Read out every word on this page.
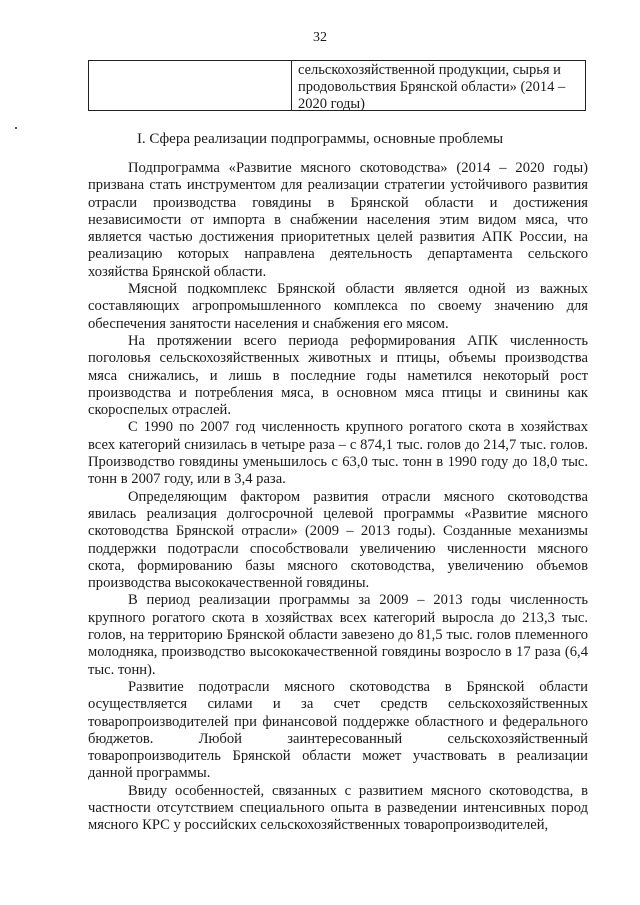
32
сельскохозяйственной продукции, сырья и продовольствия Брянской области» (2014 – 2020 годы)
I. Сфера реализации подпрограммы, основные проблемы

Подпрограмма «Развитие мясного скотоводства» (2014 – 2020 годы) призвана стать инструментом для реализации стратегии устойчивого развития отрасли производства говядины в Брянской области и достижения независимости от импорта в снабжении населения этим видом мяса, что является частью достижения приоритетных целей развития АПК России, на реализацию которых направлена деятельность департамента сельского хозяйства Брянской области.

Мясной подкомплекс Брянской области является одной из важных составляющих агропромышленного комплекса по своему значению для обеспечения занятости населения и снабжения его мясом.

На протяжении всего периода реформирования АПК численность поголовья сельскохозяйственных животных и птицы, объемы производства мяса снижались, и лишь в последние годы наметился некоторый рост производства и потребления мяса, в основном мяса птицы и свинины как скороспелых отраслей.

С 1990 по 2007 год численность крупного рогатого скота в хозяйствах всех категорий снизилась в четыре раза – с 874,1 тыс. голов до 214,7 тыс. голов. Производство говядины уменьшилось с 63,0 тыс. тонн в 1990 году до 18,0 тыс. тонн в 2007 году, или в 3,4 раза.

Определяющим фактором развития отрасли мясного скотоводства явилась реализация долгосрочной целевой программы «Развитие мясного скотоводства Брянской отрасли» (2009 – 2013 годы). Созданные механизмы поддержки подотрасли способствовали увеличению численности мясного скота, формированию базы мясного скотоводства, увеличению объемов производства высококачественной говядины.

В период реализации программы за 2009 – 2013 годы численность крупного рогатого скота в хозяйствах всех категорий выросла до 213,3 тыс. голов, на территорию Брянской области завезено до 81,5 тыс. голов племенного молодняка, производство высококачественной говядины возросло в 17 раза (6,4 тыс. тонн).

Развитие подотрасли мясного скотоводства в Брянской области осуществляется силами и за счет средств сельскохозяйственных товаропроизводителей при финансовой поддержке областного и федерального бюджетов. Любой заинтересованный сельскохозяйственный товаропроизводитель Брянской области может участвовать в реализации данной программы.

Ввиду особенностей, связанных с развитием мясного скотоводства, в частности отсутствием специального опыта в разведении интенсивных пород мясного КРС у российских сельскохозяйственных товаропроизводителей,
